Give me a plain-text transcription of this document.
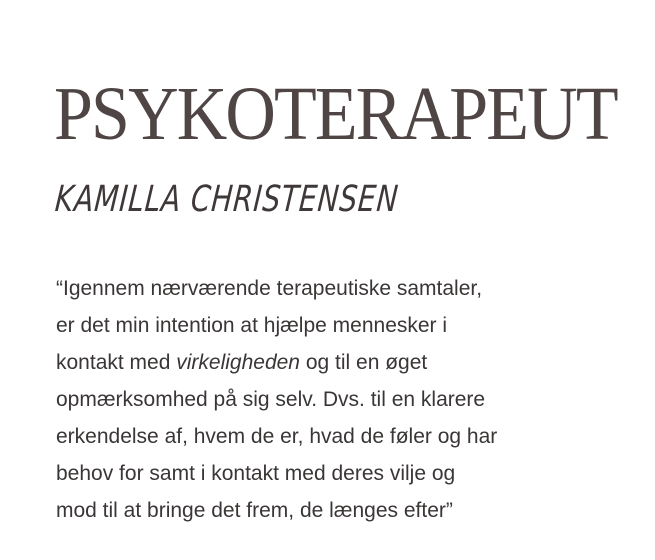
PSYKOTERAPEUT
KAMILLA CHRISTENSEN

“Igennem nærværende terapeutiske samtaler,
er det min intention at hjælpe mennesker i
kontakt med virkeligheden og til en øget
opmærksomhed på sig selv. Dvs. til en klarere
erkendelse af, hvem de er, hvad de føler og har
behov for samt i kontakt med deres vilje og
mod til at bringe det frem, de længes efter”
